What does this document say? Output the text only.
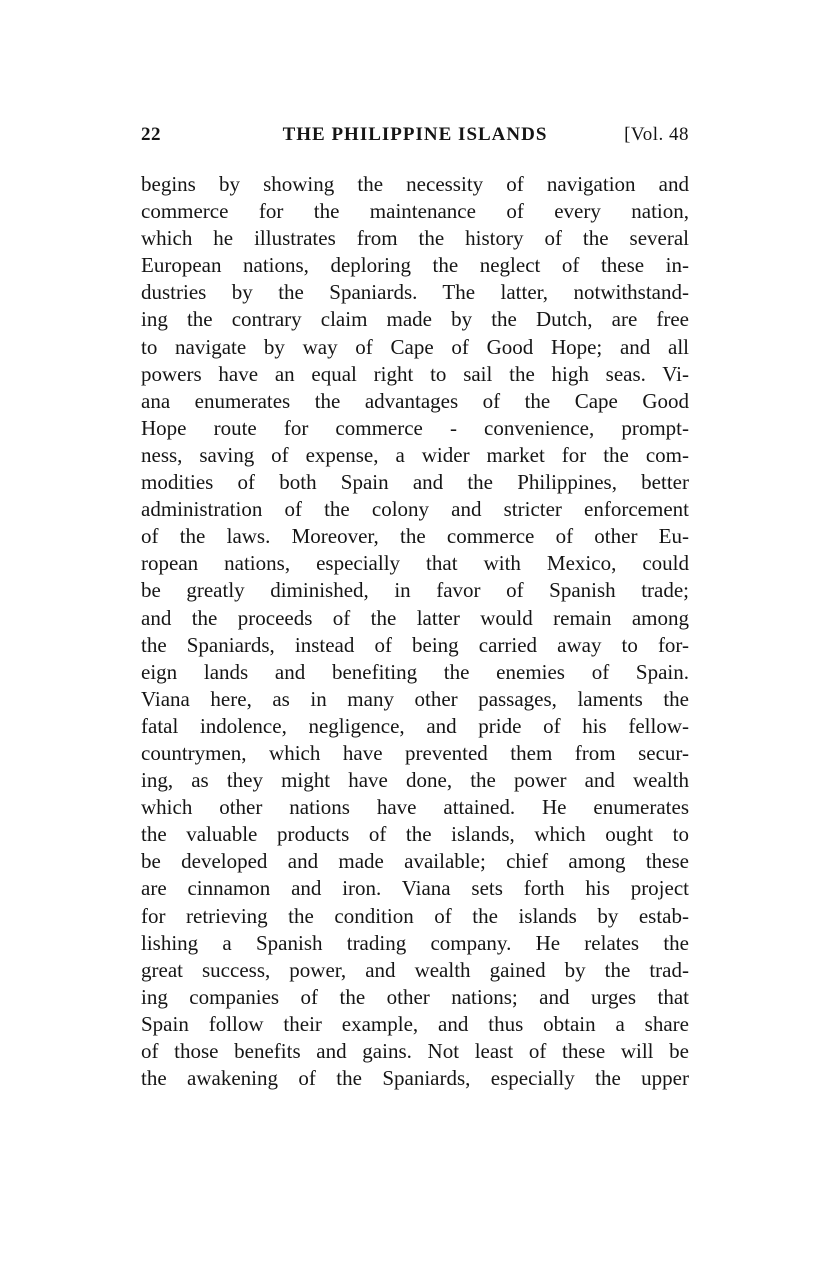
22	THE PHILIPPINE ISLANDS	[Vol. 48
begins by showing the necessity of navigation and
commerce for the maintenance of every nation,
which he illustrates from the history of the several
European nations, deploring the neglect of these in-
dustries by the Spaniards. The latter, notwithstand-
ing the contrary claim made by the Dutch, are free
to navigate by way of Cape of Good Hope; and all
powers have an equal right to sail the high seas. Vi-
ana enumerates the advantages of the Cape Good
Hope route for commerce - convenience, prompt-
ness, saving of expense, a wider market for the com-
modities of both Spain and the Philippines, better
administration of the colony and stricter enforcement
of the laws. Moreover, the commerce of other Eu-
ropean nations, especially that with Mexico, could
be greatly diminished, in favor of Spanish trade;
and the proceeds of the latter would remain among
the Spaniards, instead of being carried away to for-
eign lands and benefiting the enemies of Spain.
Viana here, as in many other passages, laments the
fatal indolence, negligence, and pride of his fellow-
countrymen, which have prevented them from secur-
ing, as they might have done, the power and wealth
which other nations have attained. He enumerates
the valuable products of the islands, which ought to
be developed and made available; chief among these
are cinnamon and iron. Viana sets forth his project
for retrieving the condition of the islands by estab-
lishing a Spanish trading company. He relates the
great success, power, and wealth gained by the trad-
ing companies of the other nations; and urges that
Spain follow their example, and thus obtain a share
of those benefits and gains. Not least of these will be
the awakening of the Spaniards, especially the upper
